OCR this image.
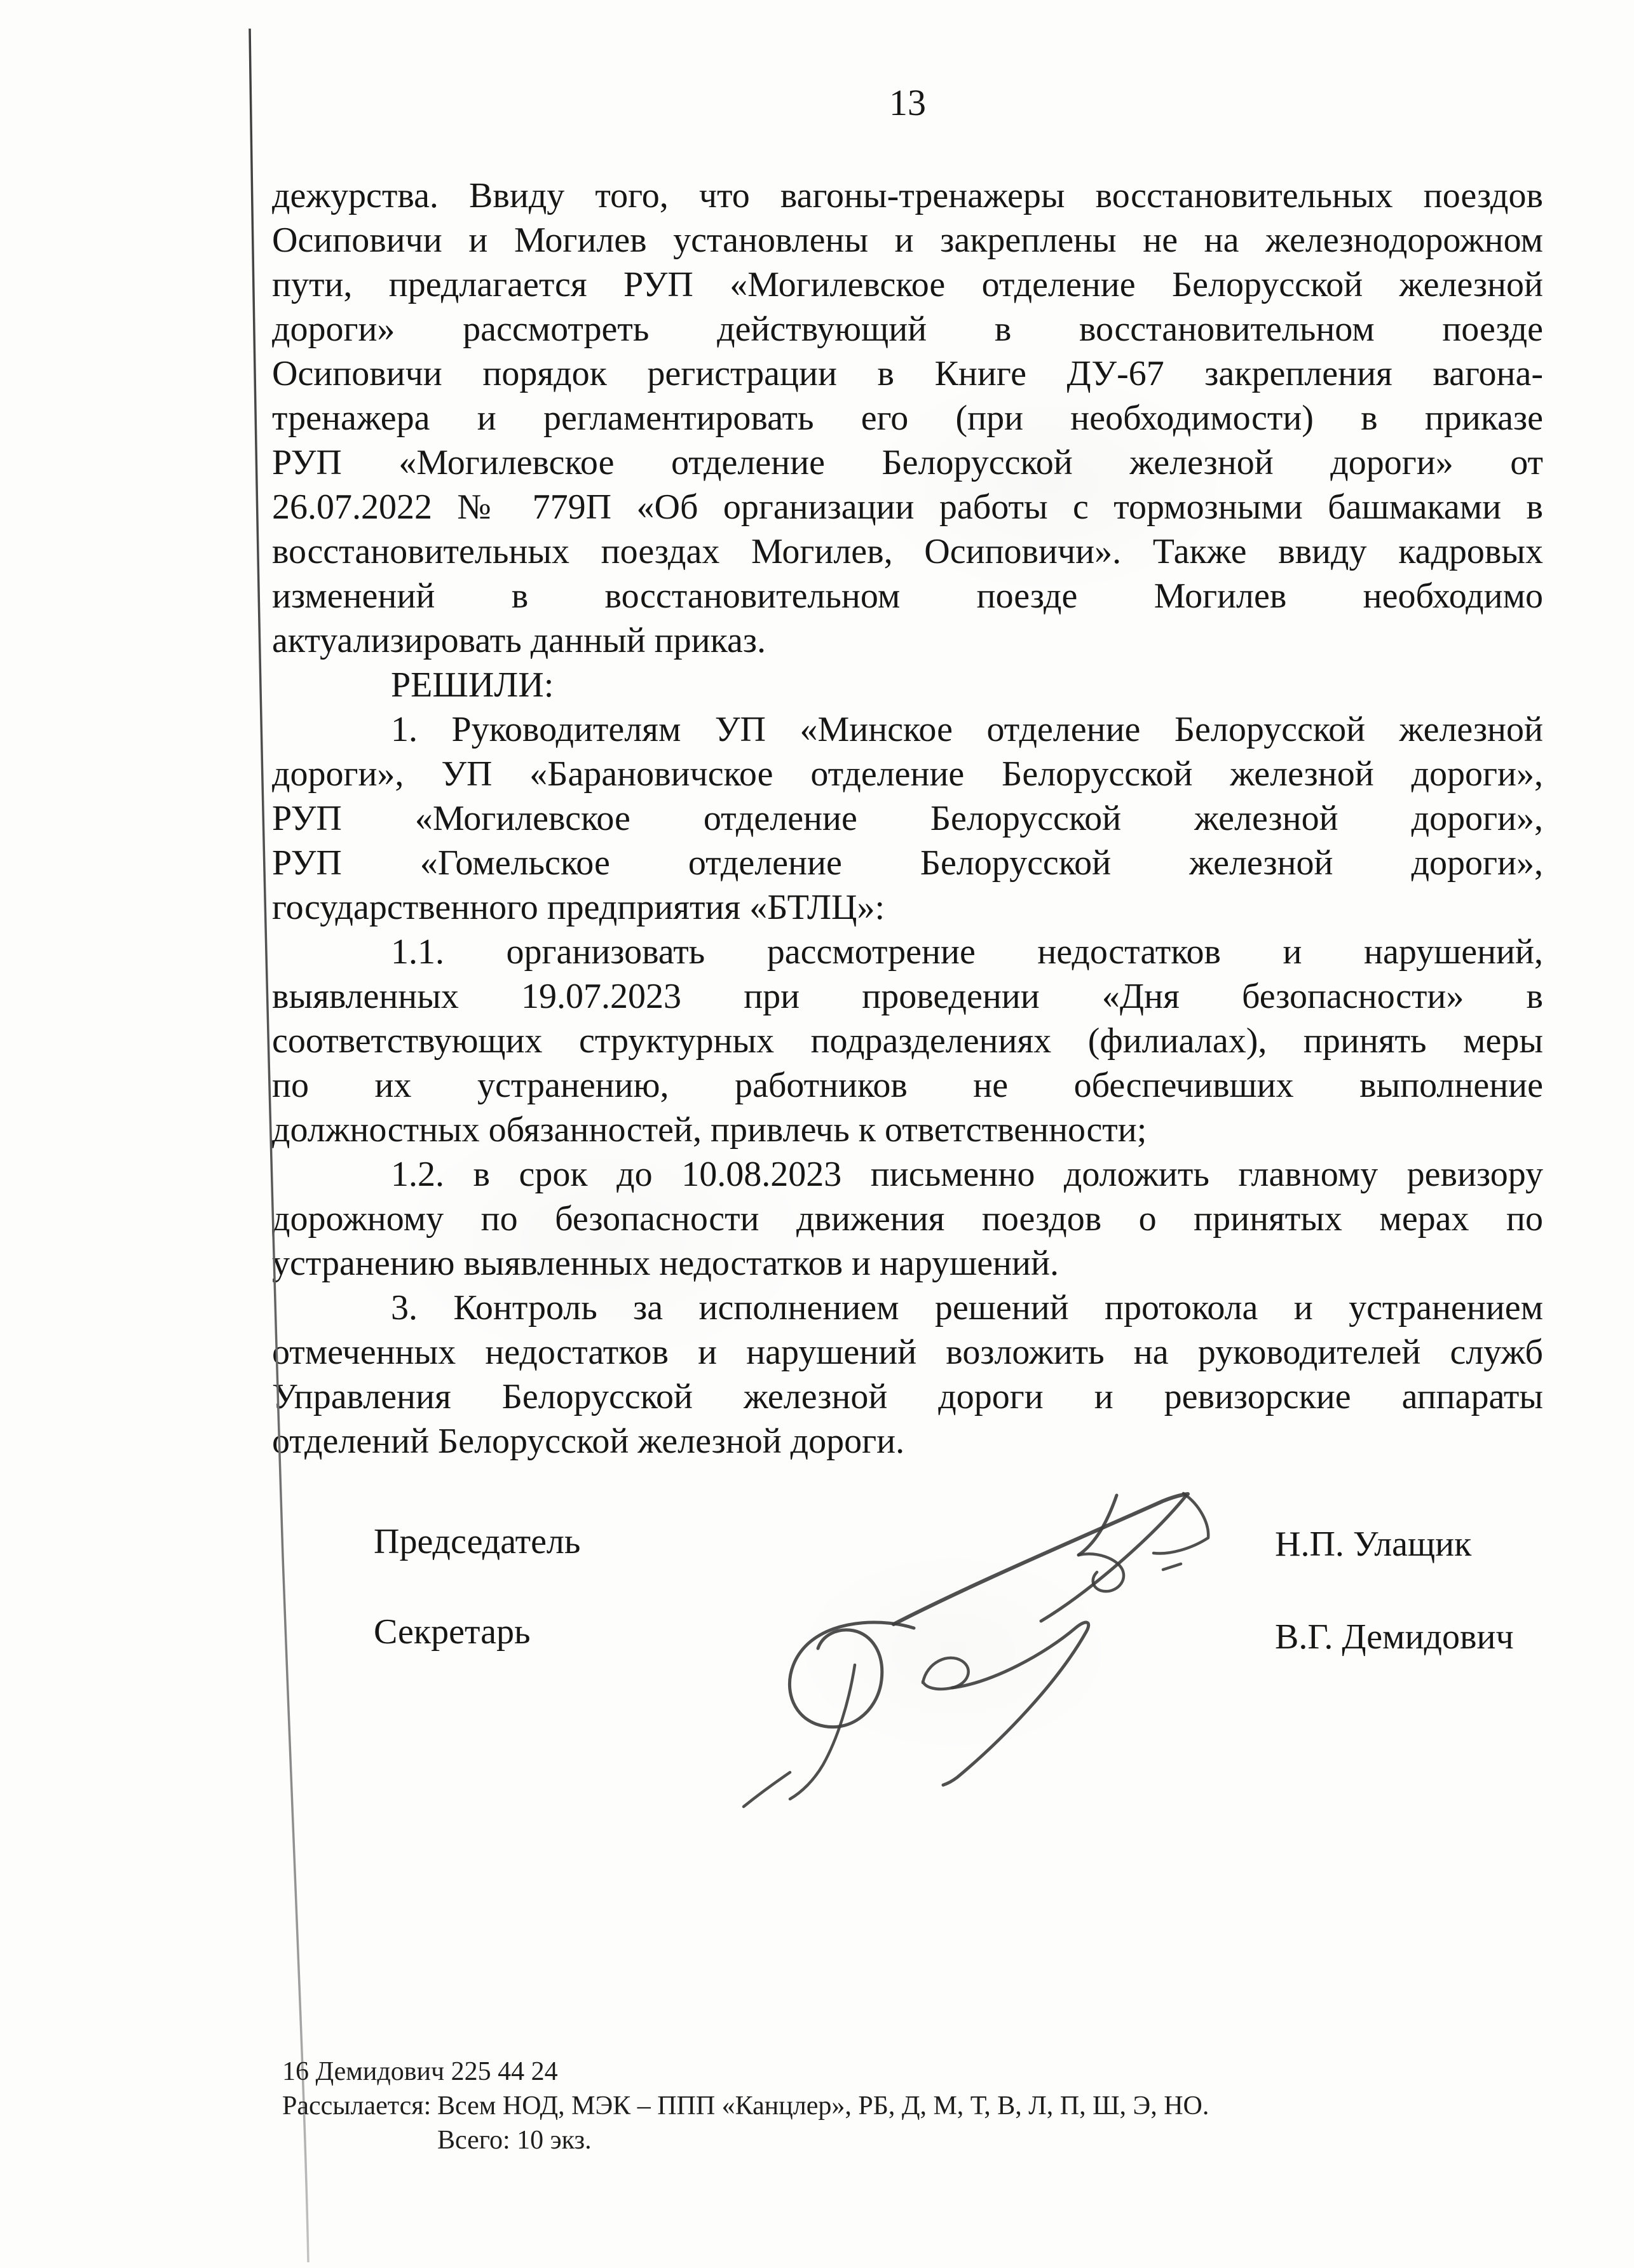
13
дежурства. Ввиду того, что вагоны-тренажеры восстановительных поездов
Осиповичи и Могилев установлены и закреплены не на железнодорожном
пути, предлагается РУП «Могилевское отделение Белорусской железной
дороги» рассмотреть действующий в восстановительном поезде
Осиповичи порядок регистрации в Книге ДУ-67 закрепления вагона-
тренажера и регламентировать его (при необходимости) в приказе
РУП «Могилевское отделение Белорусской железной дороги» от
26.07.2022 № 779П «Об организации работы с тормозными башмаками в
восстановительных поездах Могилев, Осиповичи». Также ввиду кадровых
изменений в восстановительном поезде Могилев необходимо
актуализировать данный приказ.
РЕШИЛИ:
1. Руководителям УП «Минское отделение Белорусской железной
дороги», УП «Барановичское отделение Белорусской железной дороги»,
РУП «Могилевское отделение Белорусской железной дороги»,
РУП «Гомельское отделение Белорусской железной дороги»,
государственного предприятия «БТЛЦ»:
1.1. организовать рассмотрение недостатков и нарушений,
выявленных 19.07.2023 при проведении «Дня безопасности» в
соответствующих структурных подразделениях (филиалах), принять меры
по их устранению, работников не обеспечивших выполнение
должностных обязанностей, привлечь к ответственности;
1.2. в срок до 10.08.2023 письменно доложить главному ревизору
дорожному по безопасности движения поездов о принятых мерах по
устранению выявленных недостатков и нарушений.
3. Контроль за исполнением решений протокола и устранением
отмеченных недостатков и нарушений возложить на руководителей служб
Управления Белорусской железной дороги и ревизорские аппараты
отделений Белорусской железной дороги.
Председатель	Н.П. Улащик
Секретарь	В.Г. Демидович
16 Демидович 225 44 24
Рассылается: Всем НОД, МЭК – ППП «Канцлер», РБ, Д, М, Т, В, Л, П, Ш, Э, НО.
Всего: 10 экз.
